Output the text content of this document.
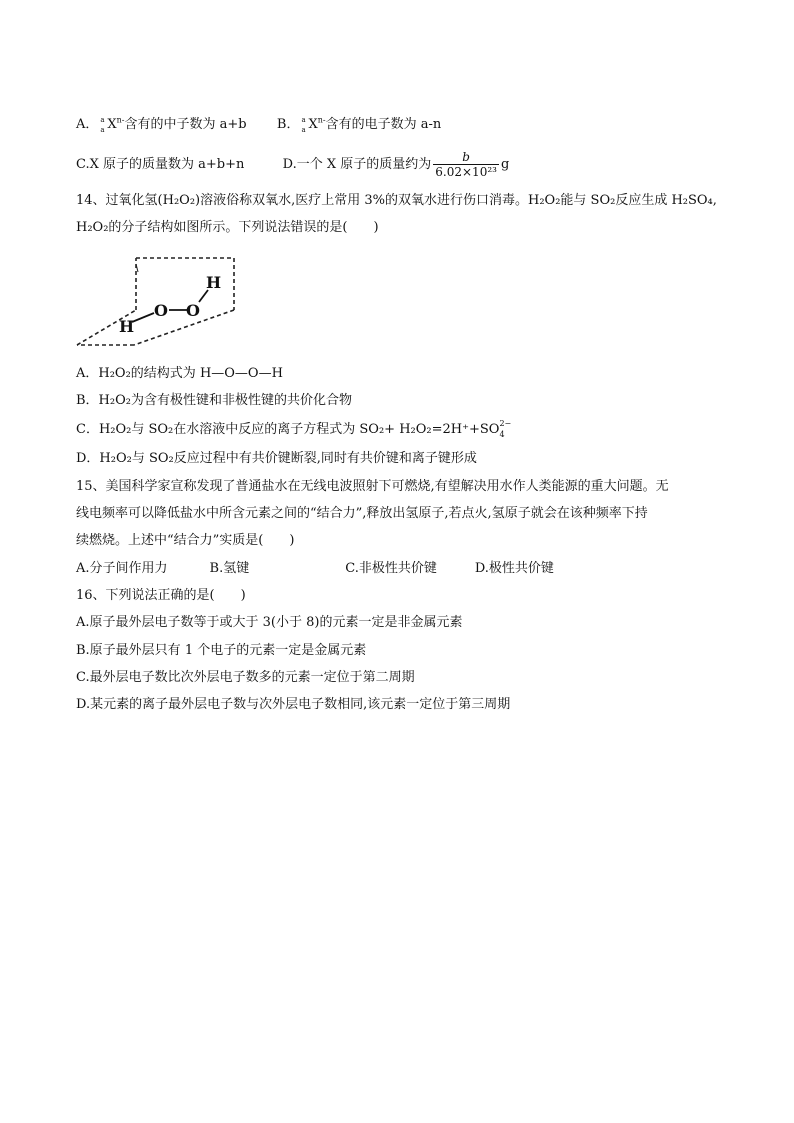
A． a
a $X^{n-}$含有的中子数为 a+b B． a
a $X^{n-}$含有的电子数为 a-n
C.X 原子的质量数为 a+b+n	D.一个 X 原子的质量约为 $\frac{b}{\text{6.02×10²³}}$ g
14、过氧化氢(H₂O₂)溶液俗称双氧水,医疗上常用 3%的双氧水进行伤口消毒。H₂O₂能与 SO₂反应生成 H₂SO₄,
H₂O₂的分子结构如图所示。下列说法错误的是(　　)
H
O O
H
A．H₂O₂的结构式为 H—O—O—H
B．H₂O₂为含有极性键和非极性键的共价化合物
C．H₂O₂与 SO₂在水溶液中反应的离子方程式为 SO₂+ H₂O₂=2H⁺+SO 2−
4
D．H₂O₂与 SO₂反应过程中有共价键断裂,同时有共价键和离子键形成
15、美国科学家宣称发现了普通盐水在无线电波照射下可燃烧,有望解决用水作人类能源的重大问题。无
线电频率可以降低盐水中所含元素之间的“结合力”,释放出氢原子,若点火,氢原子就会在该种频率下持
续燃烧。上述中“结合力”实质是(　　)
A.分子间作用力	B.氢键	C.非极性共价键	D.极性共价键
16、下列说法正确的是(　　)
A.原子最外层电子数等于或大于 3(小于 8)的元素一定是非金属元素
B.原子最外层只有 1 个电子的元素一定是金属元素
C.最外层电子数比次外层电子数多的元素一定位于第二周期
D.某元素的离子最外层电子数与次外层电子数相同,该元素一定位于第三周期
